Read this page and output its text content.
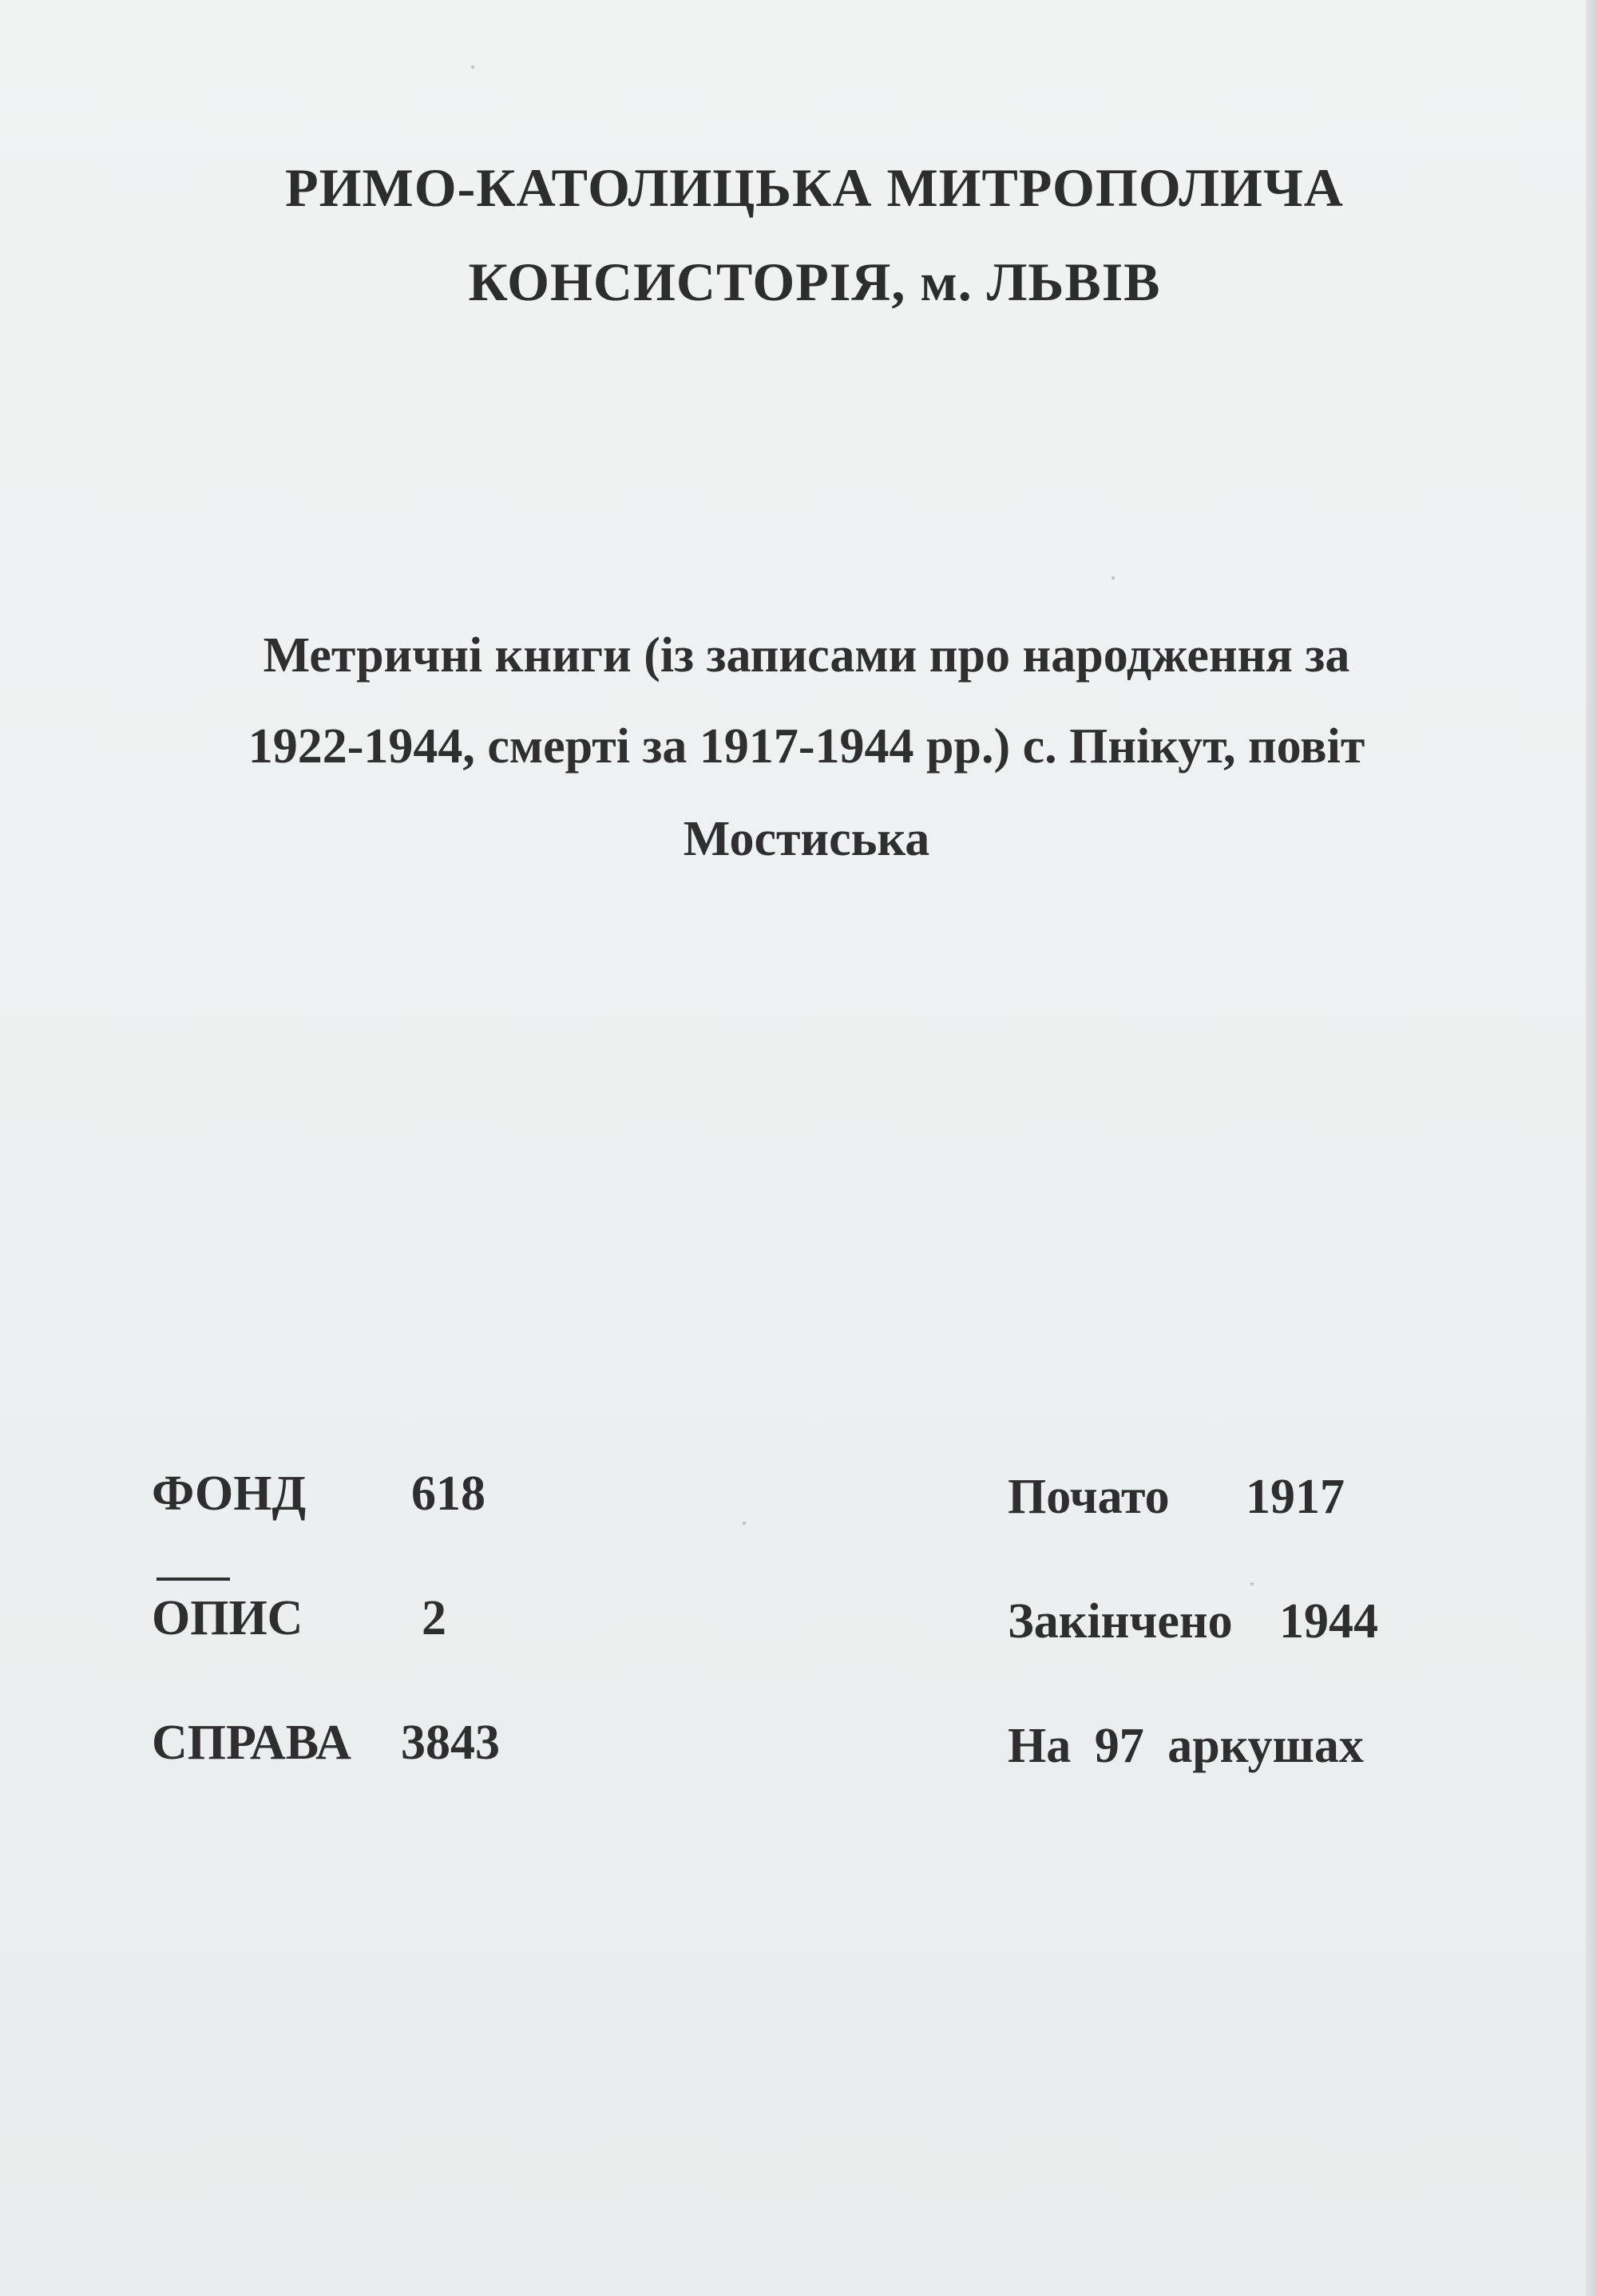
РИМО-КАТОЛИЦЬКА МИТРОПОЛИЧА
КОНСИСТОРІЯ, м. ЛЬВІВ
Метричні книги (із записами про народження за
1922-1944, смерті за 1917-1944 рр.) с. Пнікут, повіт
Мостиська
ФОНД 618
ОПИС 2
СПРАВА 3843
Почато 1917
Закінчено 1944
На 97 аркушах
